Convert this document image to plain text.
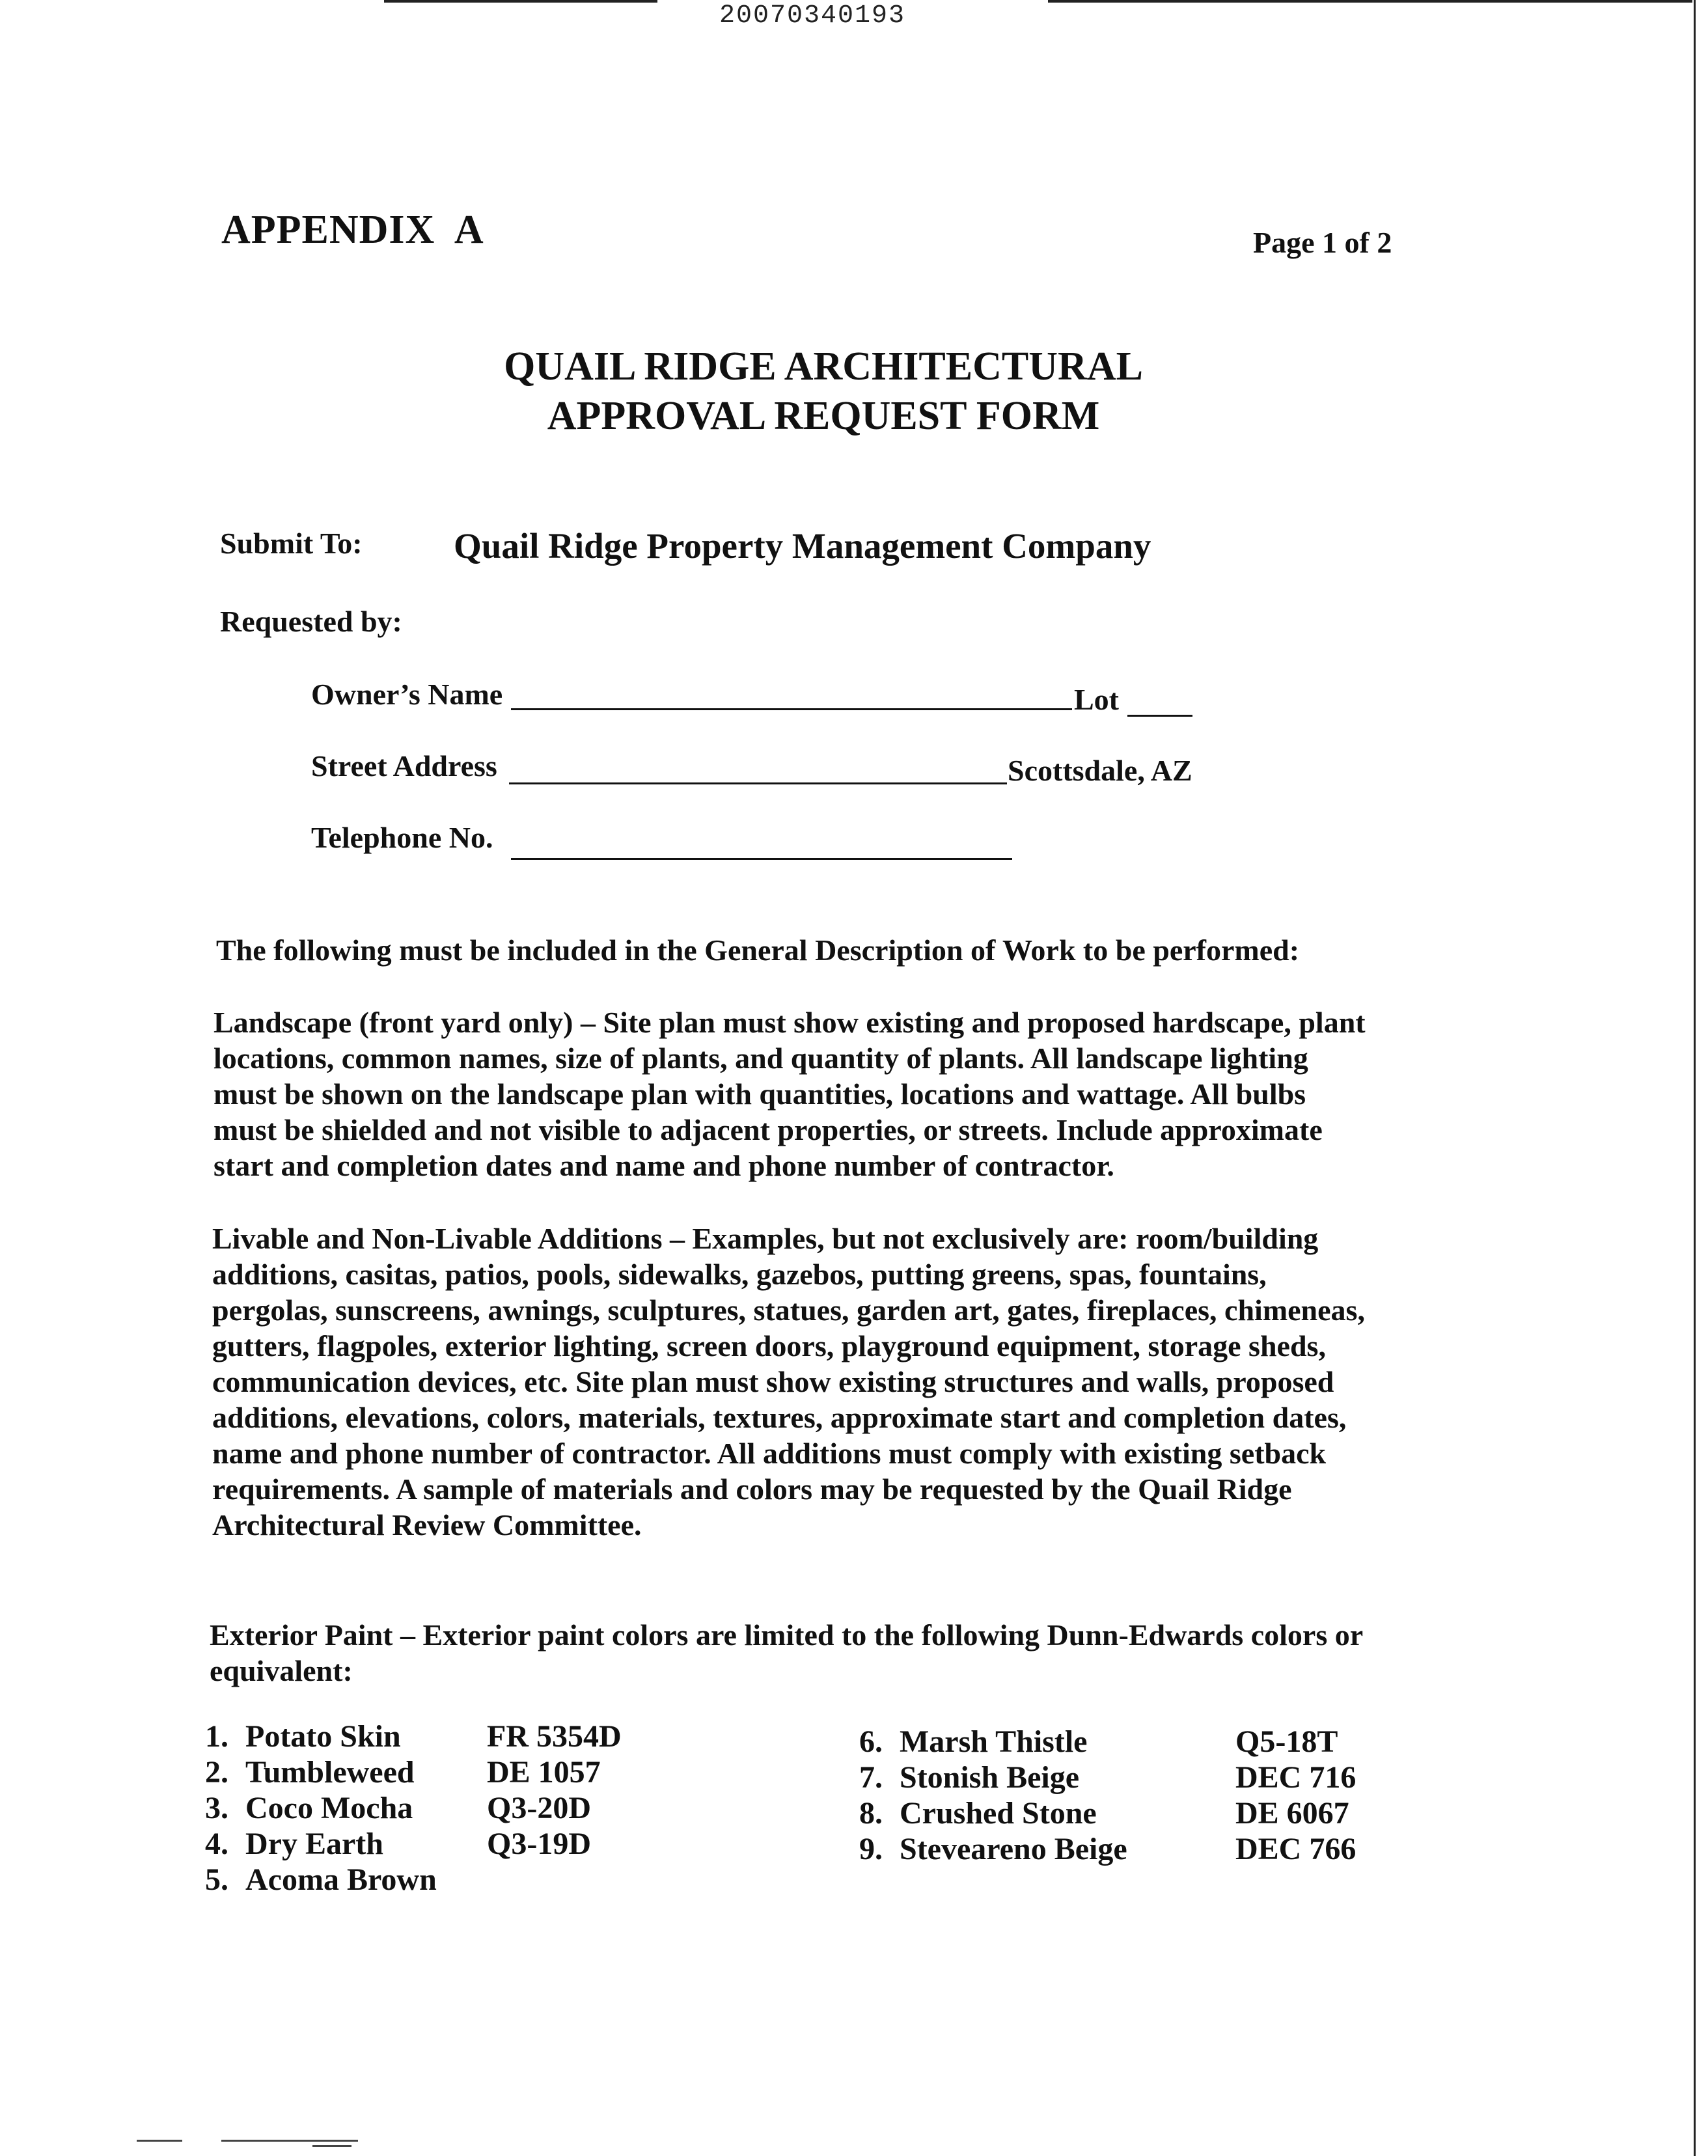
20070340193
APPENDIX  A	Page 1 of 2
QUAIL RIDGE ARCHITECTURAL
APPROVAL REQUEST FORM
Submit To:	Quail Ridge Property Management Company
Requested by:
Owner’s Name	Lot
Street Address	Scottsdale, AZ
Telephone No.
The following must be included in the General Description of Work to be performed:
Landscape (front yard only) – Site plan must show existing and proposed hardscape, plant
locations, common names, size of plants, and quantity of plants. All landscape lighting
must be shown on the landscape plan with quantities, locations and wattage. All bulbs
must be shielded and not visible to adjacent properties, or streets. Include approximate
start and completion dates and name and phone number of contractor.
Livable and Non-Livable Additions – Examples, but not exclusively are: room/building
additions, casitas, patios, pools, sidewalks, gazebos, putting greens, spas, fountains,
pergolas, sunscreens, awnings, sculptures, statues, garden art, gates, fireplaces, chimeneas,
gutters, flagpoles, exterior lighting, screen doors, playground equipment, storage sheds,
communication devices, etc. Site plan must show existing structures and walls, proposed
additions, elevations, colors, materials, textures, approximate start and completion dates,
name and phone number of contractor. All additions must comply with existing setback
requirements. A sample of materials and colors may be requested by the Quail Ridge
Architectural Review Committee.
Exterior Paint – Exterior paint colors are limited to the following Dunn-Edwards colors or
equivalent:
1. Potato Skin	FR 5354D
2. Tumbleweed DE 1057
3. Coco Mocha Q3-20D
4. Dry Earth	Q3-19D
5. Acoma Brown
6. Marsh Thistle	Q5-18T
7. Stonish Beige	DEC 716
8. Crushed Stone	DE 6067
9. Steveareno Beige	DEC 766
